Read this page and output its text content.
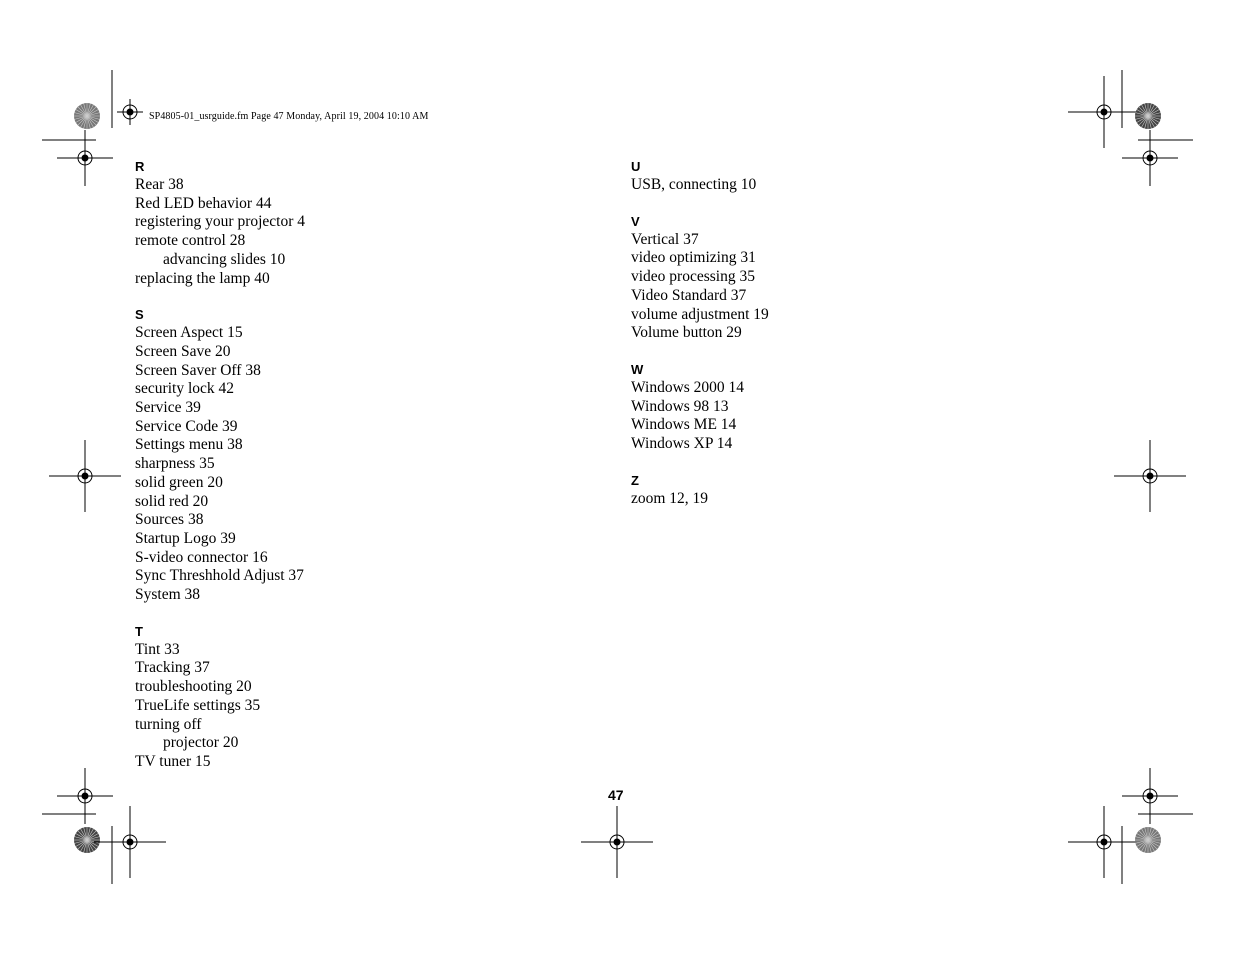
SP4805-01_usrguide.fm Page 47 Monday, April 19, 2004 10:10 AM
R
Rear 38
Red LED behavior 44
registering your projector 4
remote control 28
advancing slides 10
replacing the lamp 40
S
Screen Aspect 15
Screen Save 20
Screen Saver Off 38
security lock 42
Service 39
Service Code 39
Settings menu 38
sharpness 35
solid green 20
solid red 20
Sources 38
Startup Logo 39
S-video connector 16
Sync Threshhold Adjust 37
System 38
T
Tint 33
Tracking 37
troubleshooting 20
TrueLife settings 35
turning off
projector 20
TV tuner 15
U
USB, connecting 10
V
Vertical 37
video optimizing 31
video processing 35
Video Standard 37
volume adjustment 19
Volume button 29
W
Windows 2000 14
Windows 98 13
Windows ME 14
Windows XP 14
Z
zoom 12, 19
47
